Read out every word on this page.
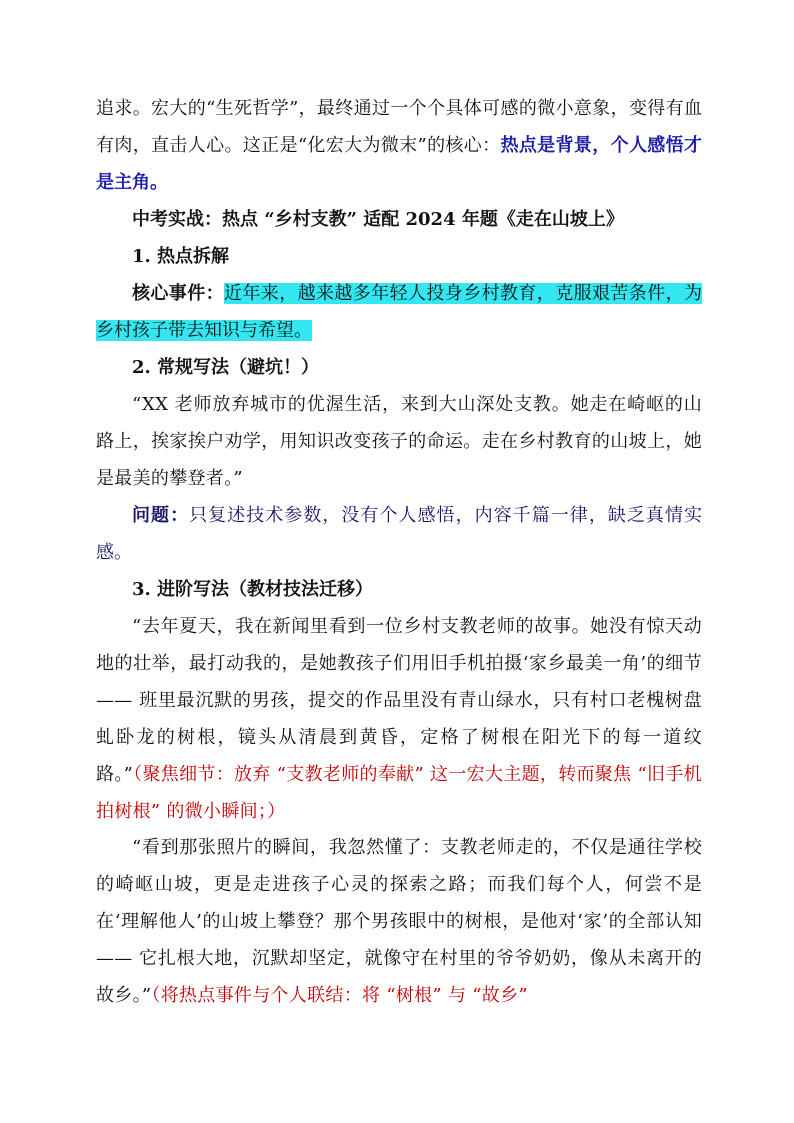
追求。宏大的“生死哲学”，最终通过一个个具体可感的微小意象，变得有血有肉，直击人心。这正是“化宏大为微末”的核心：热点是背景，个人感悟才是主角。

中考实战：热点 “乡村支教” 适配 2024 年题《走在山坡上》

1. 热点拆解

核心事件：近年来，越来越多年轻人投身乡村教育，克服艰苦条件，为乡村孩子带去知识与希望。

2. 常规写法（避坑！）

“XX 老师放弃城市的优渥生活，来到大山深处支教。她走在崎岖的山路上，挨家挨户劝学，用知识改变孩子的命运。走在乡村教育的山坡上，她是最美的攀登者。”

问题：只复述技术参数，没有个人感悟，内容千篇一律，缺乏真情实感。

3. 进阶写法（教材技法迁移）

“去年夏天，我在新闻里看到一位乡村支教老师的故事。她没有惊天动地的壮举，最打动我的，是她教孩子们用旧手机拍摄‘家乡最美一角’的细节 —— 班里最沉默的男孩，提交的作品里没有青山绿水，只有村口老槐树盘虬卧龙的树根，镜头从清晨到黄昏，定格了树根在阳光下的每一道纹路。”（聚焦细节：放弃 “支教老师的奉献” 这一宏大主题，转而聚焦 “旧手机拍树根” 的微小瞬间；）

“看到那张照片的瞬间，我忽然懂了：支教老师走的，不仅是通往学校的崎岖山坡，更是走进孩子心灵的探索之路；而我们每个人，何尝不是在‘理解他人’的山坡上攀登？那个男孩眼中的树根，是他对‘家’的全部认知 —— 它扎根大地，沉默却坚定，就像守在村里的爷爷奶奶，像从未离开的故乡。”（将热点事件与个人联结：将 “树根” 与 “故乡”
